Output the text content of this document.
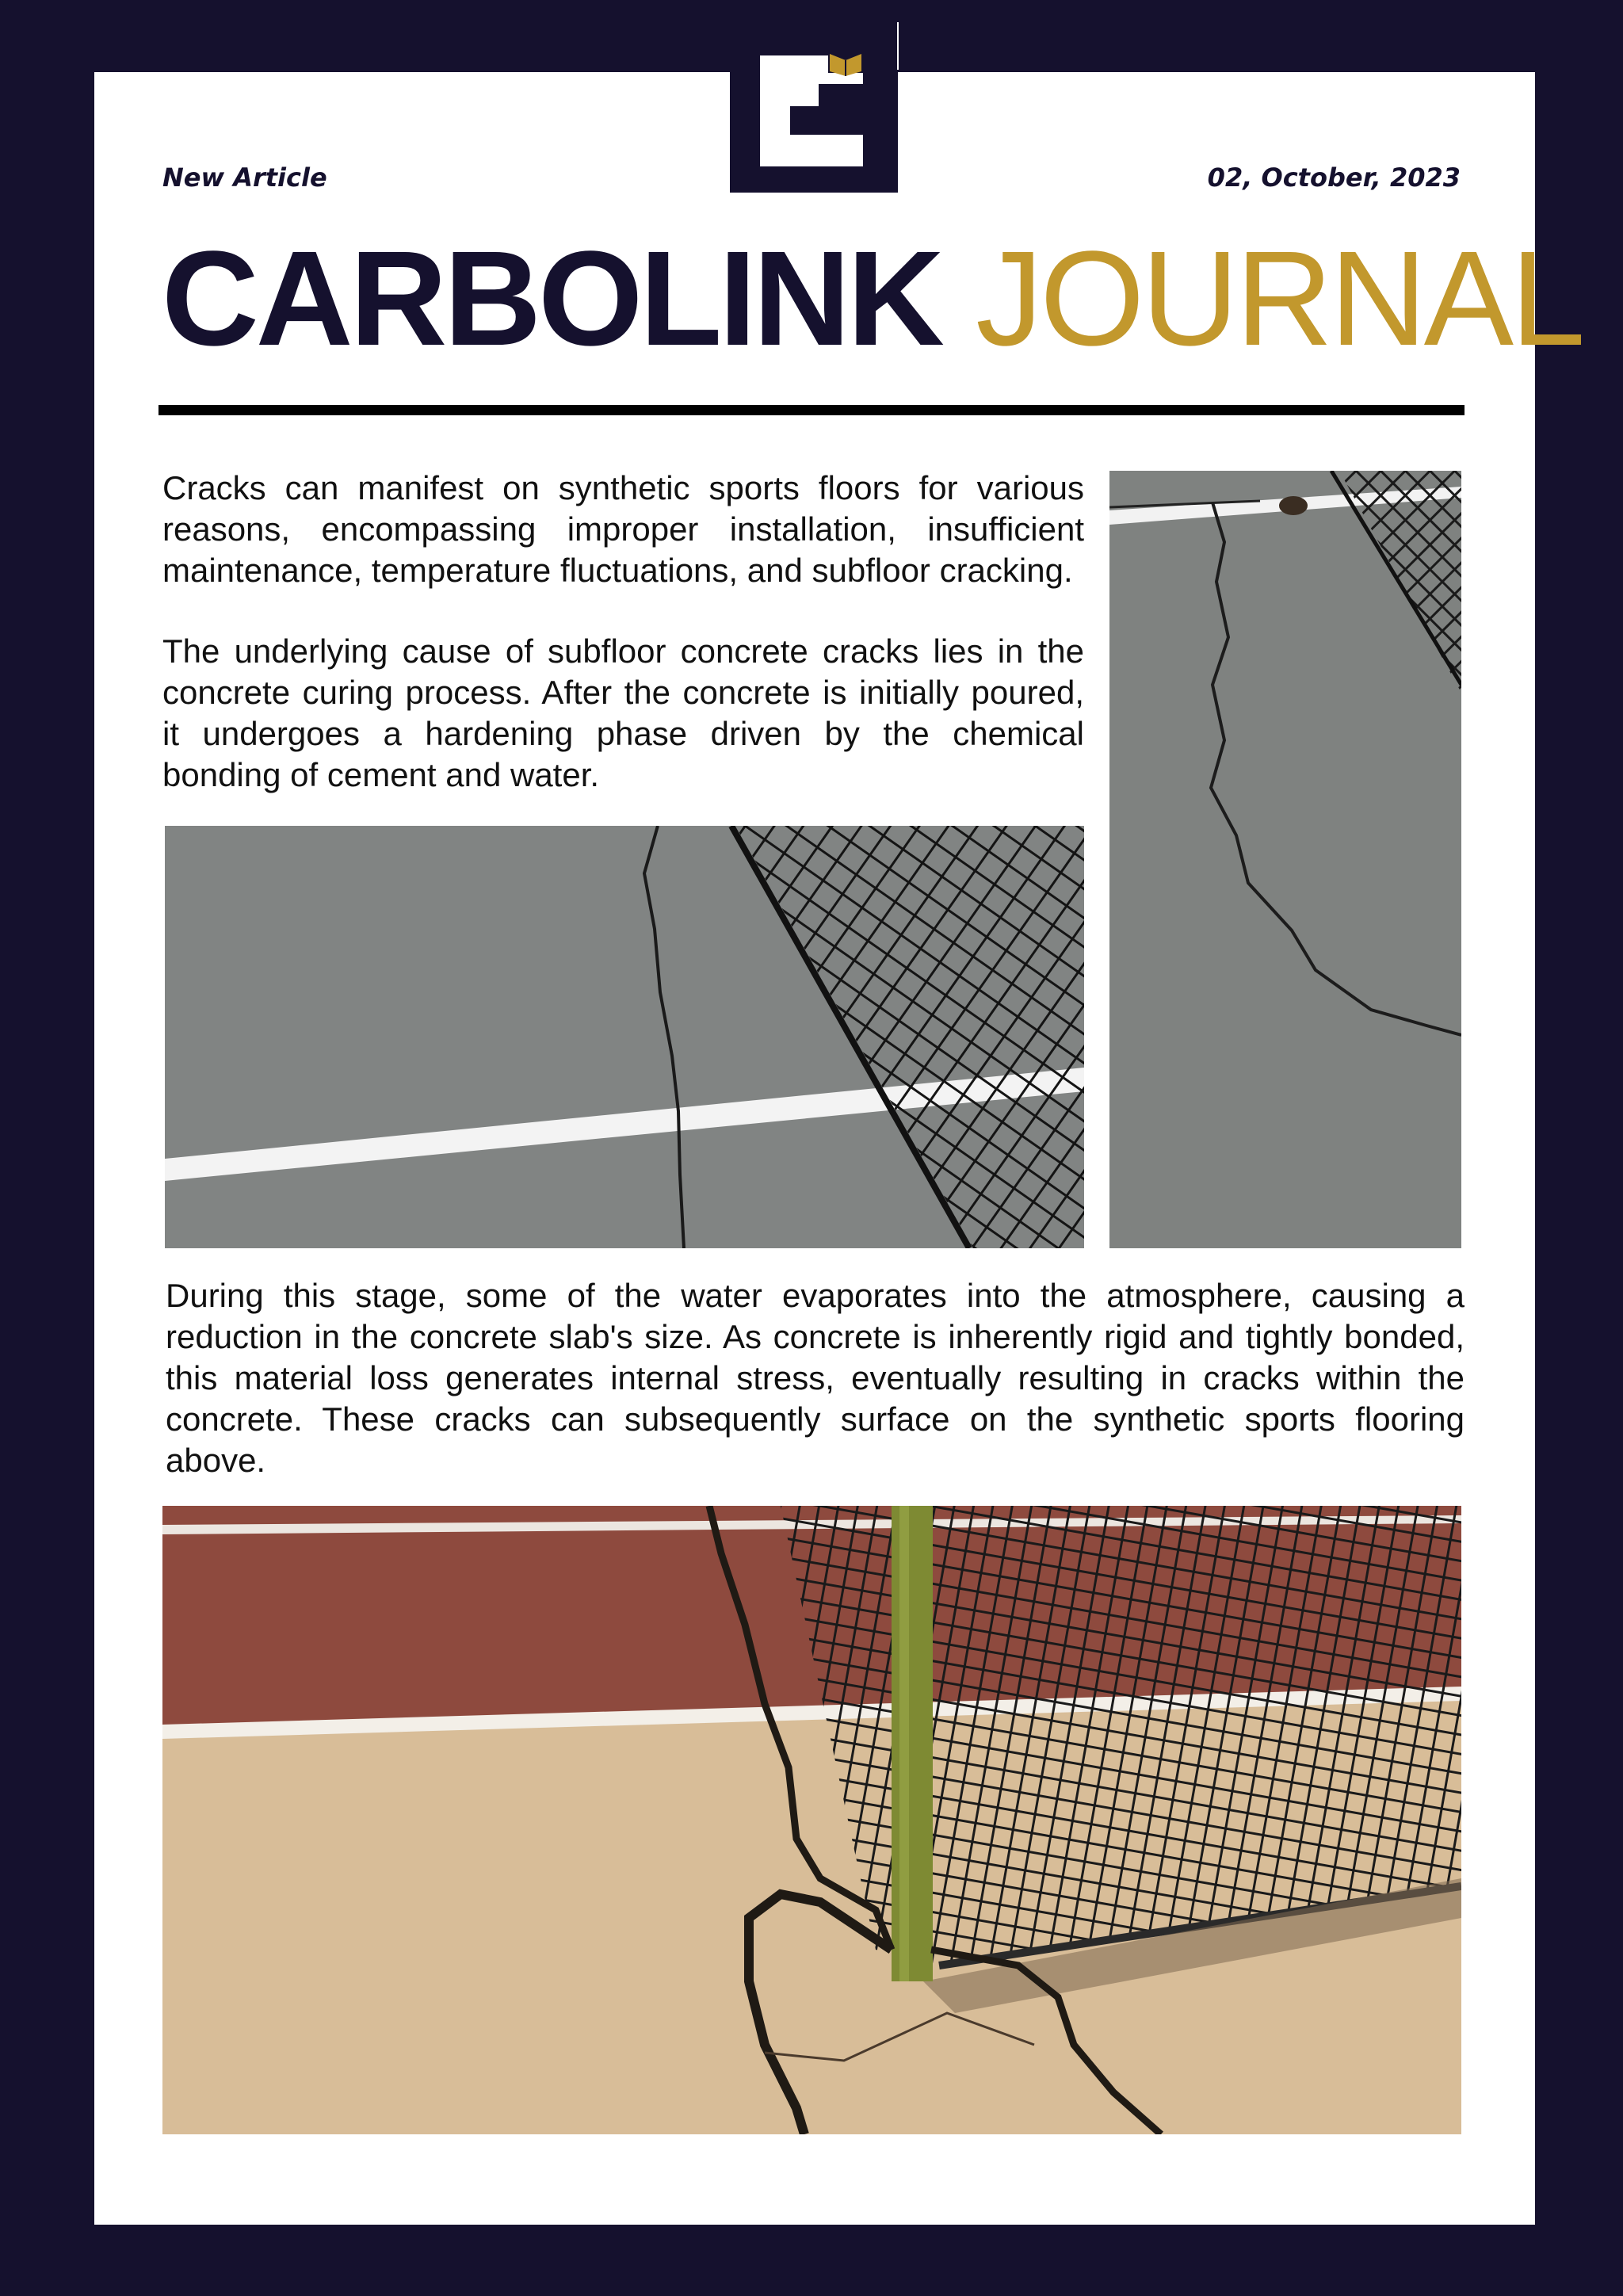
New Article	02, October, 2023
CARBOLINK JOURNAL

Cracks can manifest on synthetic sports floors for various reasons, encompassing improper installation, insufficient maintenance, temperature fluctuations, and subfloor cracking.

The underlying cause of subfloor concrete cracks lies in the concrete curing process. After the concrete is initially poured, it undergoes a hardening phase driven by the chemical bonding of cement and water.

During this stage, some of the water evaporates into the atmosphere, causing a reduction in the concrete slab's size. As concrete is inherently rigid and tightly bonded, this material loss generates internal stress, eventually resulting in cracks within the concrete. These cracks can subsequently surface on the synthetic sports flooring above.
